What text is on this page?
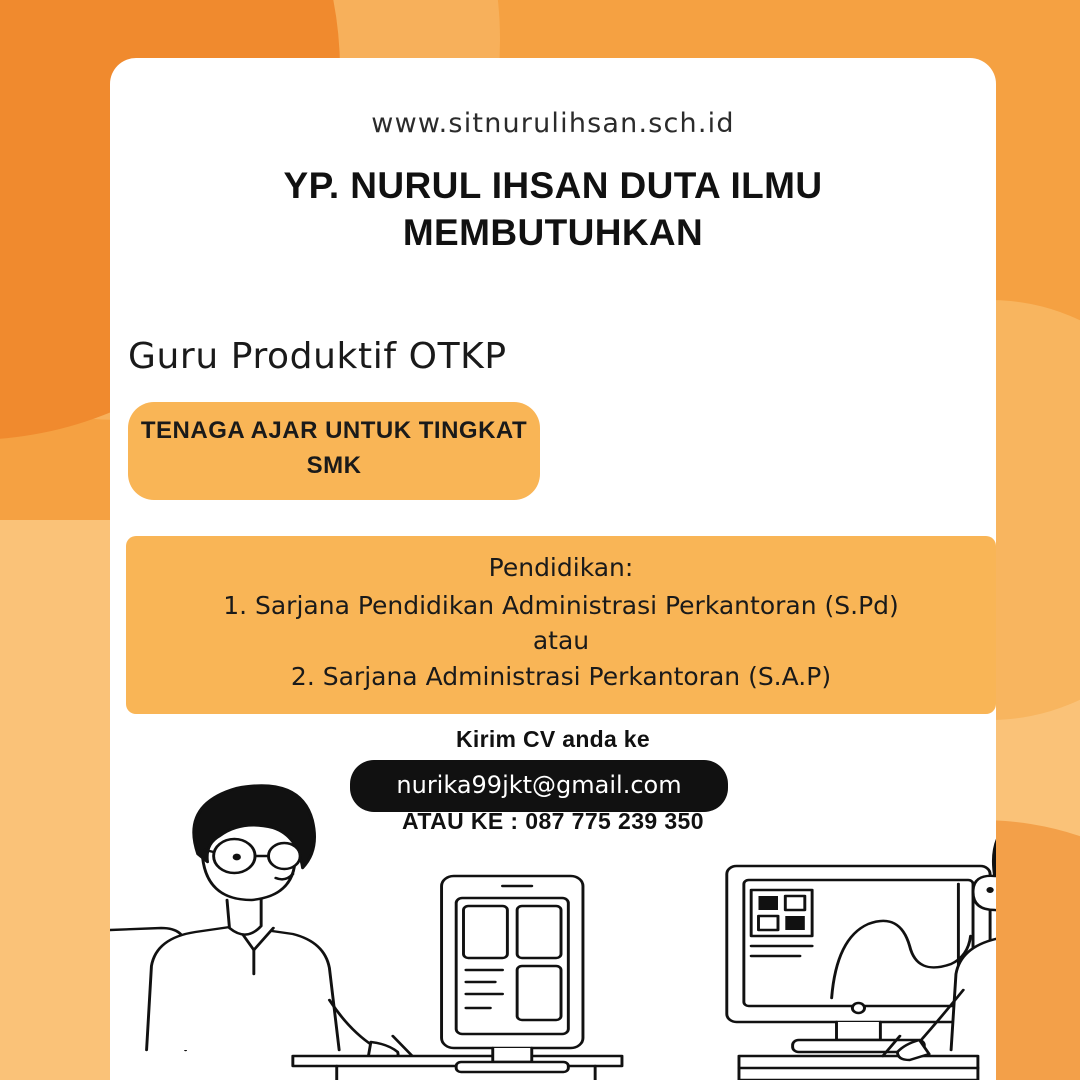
www.sitnurulihsan.sch.id
YP. NURUL IHSAN DUTA ILMU MEMBUTUHKAN
Guru Produktif OTKP
TENAGA AJAR UNTUK TINGKAT SMK
Pendidikan:
1. Sarjana Pendidikan Administrasi Perkantoran (S.Pd)
atau
2. Sarjana Administrasi Perkantoran (S.A.P)
Kirim CV anda ke
nurika99jkt@gmail.com
ATAU KE : 087 775 239 350
